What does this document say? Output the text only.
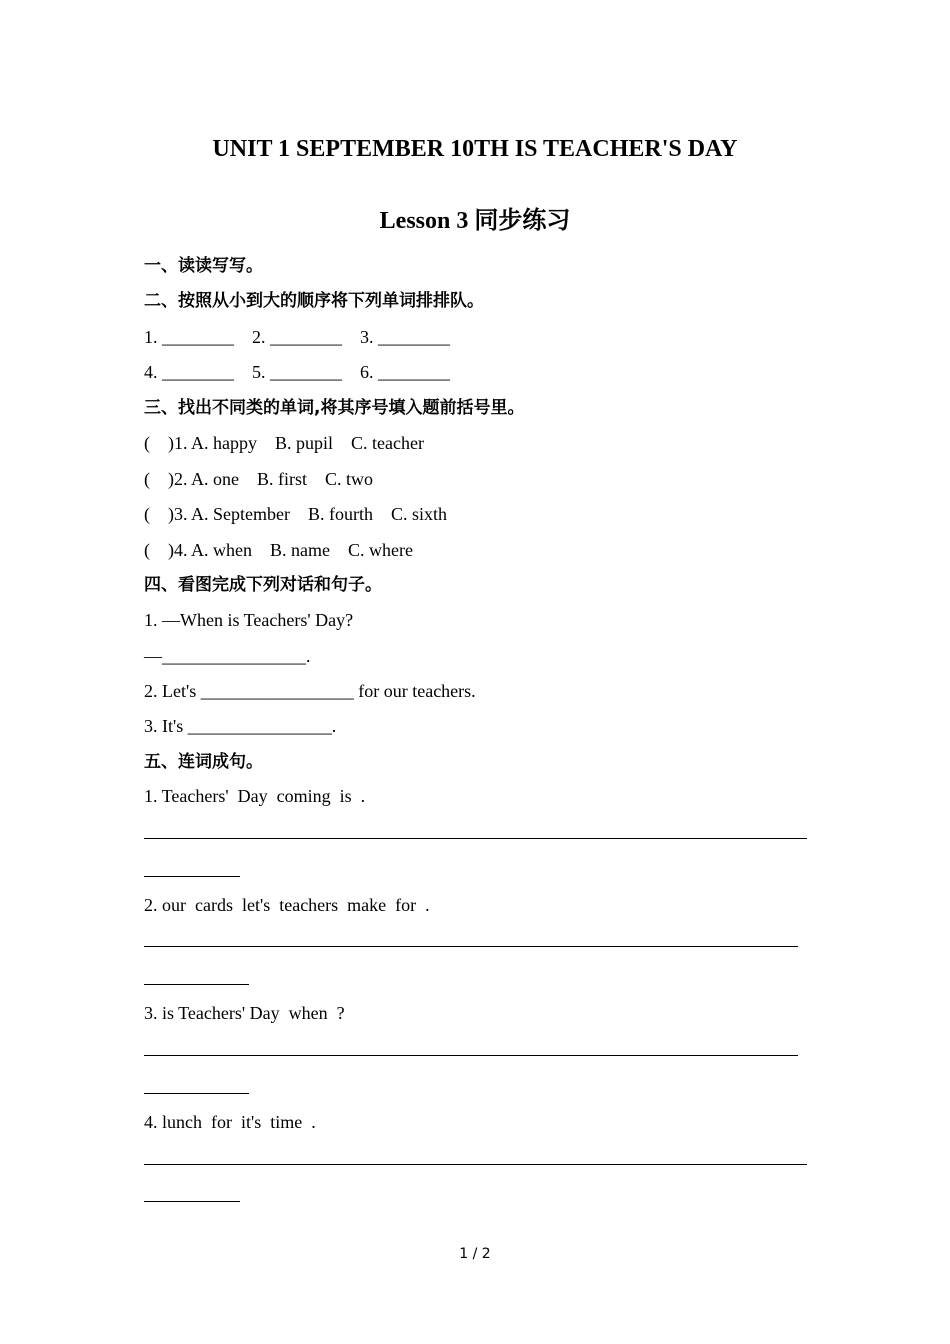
UNIT 1 SEPTEMBER 10TH IS TEACHER'S DAY
Lesson 3 同步练习
一、读读写写。
二、按照从小到大的顺序将下列单词排排队。
1. ________    2. ________    3. ________
4. ________    5. ________    6. ________
三、找出不同类的单词,将其序号填入题前括号里。
(    )1. A. happy    B. pupil    C. teacher
(    )2. A. one    B. first    C. two
(    )3. A. September    B. fourth    C. sixth
(    )4. A. when    B. name    C. where
四、看图完成下列对话和句子。
1. —When is Teachers' Day?
—________________.
2. Let's _________________ for our teachers.
3. It's ________________.
五、连词成句。
1. Teachers'  Day  coming  is  .
2. our  cards  let's  teachers  make  for  .
3. is Teachers' Day  when  ?
4. lunch  for  it's  time  .
1 / 2
